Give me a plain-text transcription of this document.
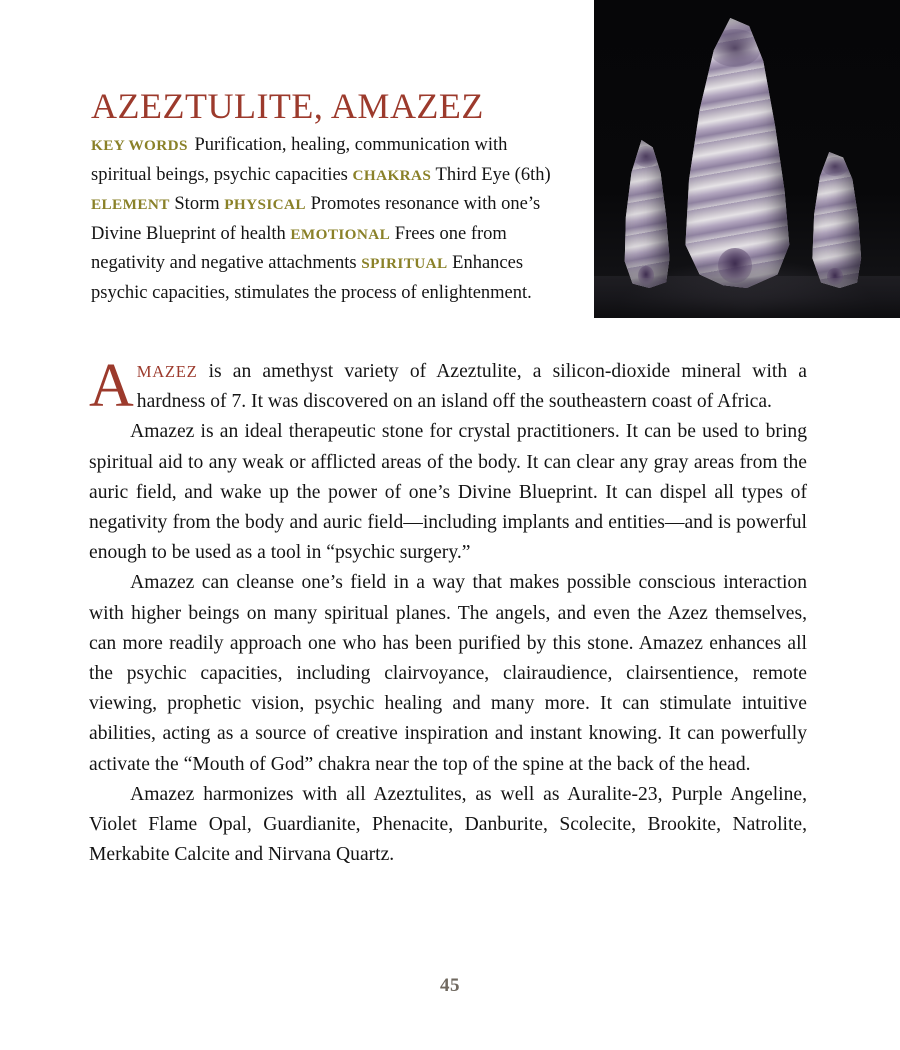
AZEZTULITE, AMAZEZ
KEY WORDS Purification, healing, communication with spiritual beings, psychic capacities CHAKRAS Third Eye (6th) ELEMENT Storm PHYSICAL Promotes resonance with one’s Divine Blueprint of health EMOTIONAL Frees one from negativity and negative attachments SPIRITUAL Enhances psychic capacities, stimulates the process of enlightenment.

AMAZEZ is an amethyst variety of Azeztulite, a silicon-dioxide mineral with a hardness of 7. It was discovered on an island off the southeastern coast of Africa.

Amazez is an ideal therapeutic stone for crystal practitioners. It can be used to bring spiritual aid to any weak or afflicted areas of the body. It can clear any gray areas from the auric field, and wake up the power of one’s Divine Blueprint. It can dispel all types of negativity from the body and auric field—including implants and entities—and is powerful enough to be used as a tool in “psychic surgery.”

Amazez can cleanse one’s field in a way that makes possible conscious interaction with higher beings on many spiritual planes. The angels, and even the Azez themselves, can more readily approach one who has been purified by this stone. Amazez enhances all the psychic capacities, including clairvoyance, clairaudience, clairsentience, remote viewing, prophetic vision, psychic healing and many more. It can stimulate intuitive abilities, acting as a source of creative inspiration and instant knowing. It can powerfully activate the “Mouth of God” chakra near the top of the spine at the back of the head.

Amazez harmonizes with all Azeztulites, as well as Auralite-23, Purple Angeline, Violet Flame Opal, Guardianite, Phenacite, Danburite, Scolecite, Brookite, Natrolite, Merkabite Calcite and Nirvana Quartz.

45
